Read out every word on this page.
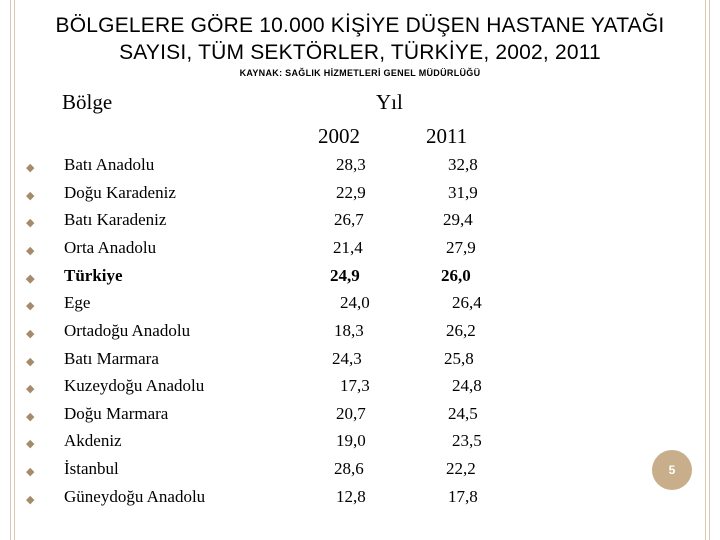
BÖLGELERE GÖRE 10.000 KİŞİYE DÜŞEN HASTANE YATAĞI SAYISI, TÜM SEKTÖRLER, TÜRKİYE, 2002, 2011
KAYNAK: SAĞLIK HİZMETLERİ GENEL MÜDÜRLÜĞÜ
Bölge	Yıl
2002	2011
◆ Batı Anadolu	28,3	32,8
◆ Doğu Karadeniz	22,9	31,9
◆ Batı Karadeniz	26,7	29,4
◆ Orta Anadolu	21,4	27,9
◆ Türkiye	24,9	26,0
◆ Ege	24,0	26,4
◆ Ortadoğu Anadolu	18,3	26,2
◆ Batı Marmara	24,3	25,8
◆ Kuzeydoğu Anadolu	17,3	24,8
◆ Doğu Marmara	20,7	24,5
◆ Akdeniz	19,0	23,5
◆ İstanbul	28,6	22,2
◆ Güneydoğu Anadolu	12,8	17,8
5
